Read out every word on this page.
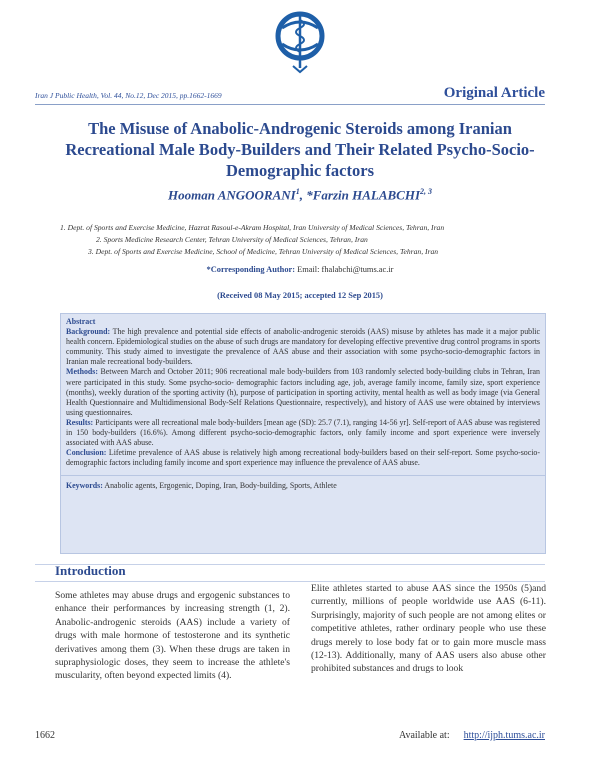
Iran J Public Health, Vol. 44, No.12, Dec 2015, pp.1662-1669	Original Article
The Misuse of Anabolic-Androgenic Steroids among Iranian Recreational Male Body-Builders and Their Related Psycho-Socio-Demographic factors
Hooman ANGOORANI$^1$, *Farzin HALABCHI$^{2, 3}$
1. Dept. of Sports and Exercise Medicine, Hazrat Rasoul-e-Akram Hospital, Iran University of Medical Sciences, Tehran, Iran
2. Sports Medicine Research Center, Tehran University of Medical Sciences, Tehran, Iran
3. Dept. of Sports and Exercise Medicine, School of Medicine, Tehran University of Medical Sciences, Tehran, Iran
*Corresponding Author: Email: fhalabchi@tums.ac.ir
(Received 08 May 2015; accepted 12 Sep 2015)
Abstract

Background: The high prevalence and potential side effects of anabolic-androgenic steroids (AAS) misuse by athletes has made it a major public health concern. Epidemiological studies on the abuse of such drugs are mandatory for developing effective preventive drug control programs in sports community. This study aimed to investigate the prevalence of AAS abuse and their association with some psycho-socio-demographic factors in Iranian male recreational body-builders.

Methods: Between March and October 2011; 906 recreational male body-builders from 103 randomly selected body-building clubs in Tehran, Iran were participated in this study. Some psycho-socio- demographic factors including age, job, average family income, family size, sport experience (months), weekly duration of the sporting activity (h), purpose of participation in sporting activity, mental health as well as body image (via General Health Questionnaire and Multidimensional Body-Self Relations Questionnaire, respectively), and history of AAS use were obtained by interviews using questionnaires.

Results: Participants were all recreational male body-builders [mean age (SD): 25.7 (7.1), ranging 14-56 yr]. Self-report of AAS abuse was registered in 150 body-builders (16.6%). Among different psycho-socio-demographic factors, only family income and sport experience were inversely associated with AAS abuse.

Conclusion: Lifetime prevalence of AAS abuse is relatively high among recreational body-builders based on their self-report. Some psycho-socio-demographic factors including family income and sport experience may influence the prevalence of AAS abuse.

Keywords: Anabolic agents, Ergogenic, Doping, Iran, Body-building, Sports, Athlete

Introduction
Some athletes may abuse drugs and ergogenic substances to enhance their performances by increasing strength (1, 2). Anabolic-androgenic steroids (AAS) include a variety of drugs with male hormone of testosterone and its synthetic derivatives among them (3). When these drugs are taken in supraphysiologic doses, they seem to increase the athlete's muscularity, often beyond expected limits (4).
Elite athletes started to abuse AAS since the 1950s (5)and currently, millions of people worldwide use AAS (6-11). Surprisingly, majority of such people are not among elites or competitive athletes, rather ordinary people who use these drugs merely to lose body fat or to gain more muscle mass (12-13). Additionally, many of AAS users also abuse other prohibited substances and drugs to look
1662	Available at: http://ijph.tums.ac.ir
